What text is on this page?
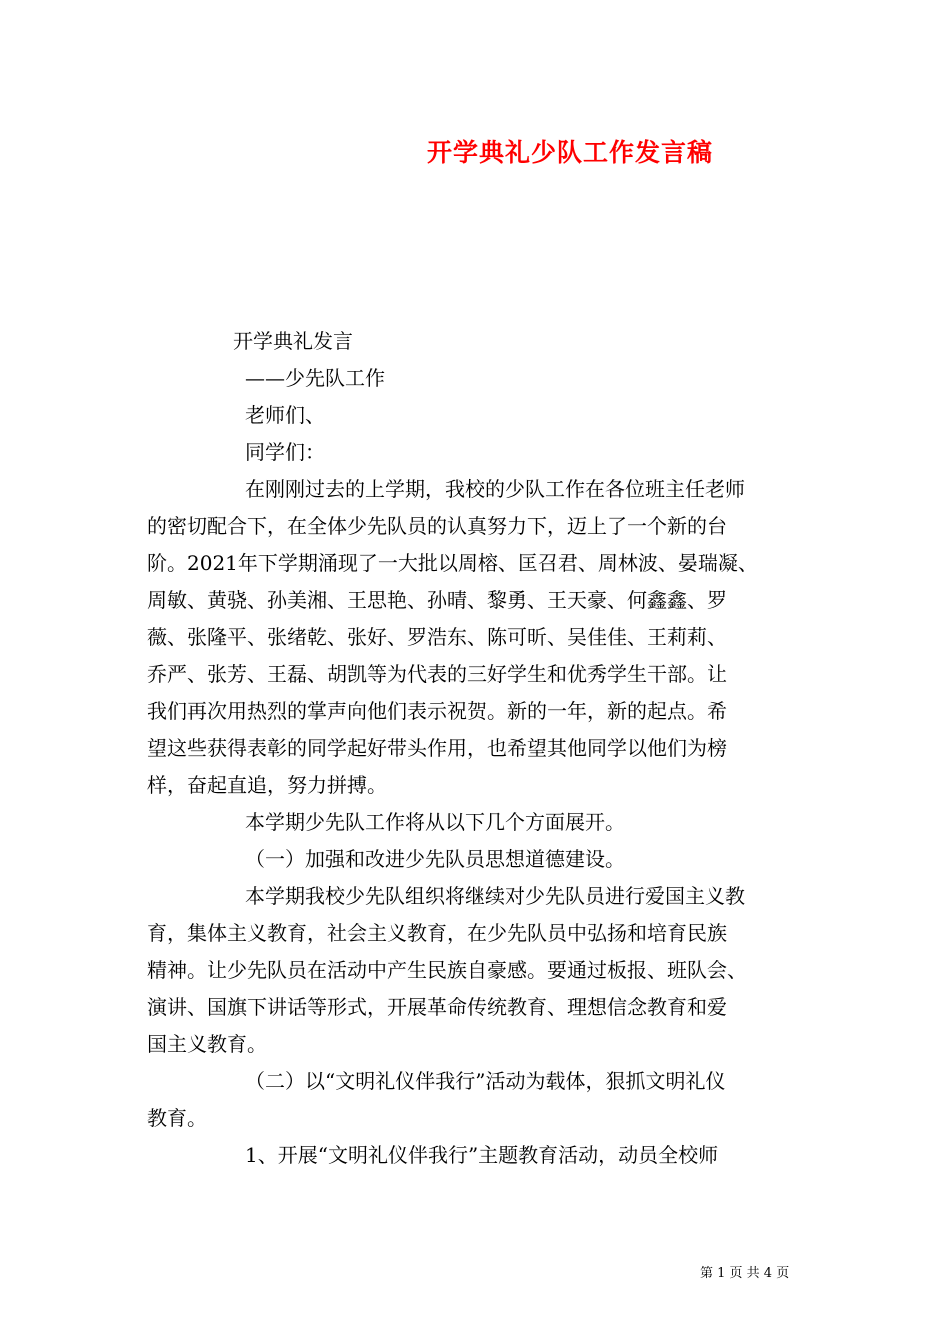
开学典礼少队工作发言稿
开学典礼发言
——少先队工作
老师们、
同学们：
在刚刚过去的上学期，我校的少队工作在各位班主任老师
的密切配合下，在全体少先队员的认真努力下，迈上了一个新的台
阶。2021年下学期涌现了一大批以周榕、匡召君、周林波、晏瑞凝、
周敏、黄骁、孙美湘、王思艳、孙晴、黎勇、王天豪、何鑫鑫、罗
薇、张隆平、张绪乾、张好、罗浩东、陈可昕、吴佳佳、王莉莉、
乔严、张芳、王磊、胡凯等为代表的三好学生和优秀学生干部。让
我们再次用热烈的掌声向他们表示祝贺。新的一年，新的起点。希
望这些获得表彰的同学起好带头作用，也希望其他同学以他们为榜
样，奋起直追，努力拼搏。
本学期少先队工作将从以下几个方面展开。
（一）加强和改进少先队员思想道德建设。
本学期我校少先队组织将继续对少先队员进行爱国主义教
育，集体主义教育，社会主义教育，在少先队员中弘扬和培育民族
精神。让少先队员在活动中产生民族自豪感。要通过板报、班队会、
演讲、国旗下讲话等形式，开展革命传统教育、理想信念教育和爱
国主义教育。
（二）以“文明礼仪伴我行”活动为载体，狠抓文明礼仪
教育。
1、开展“文明礼仪伴我行”主题教育活动，动员全校师
第 1 页 共 4 页
